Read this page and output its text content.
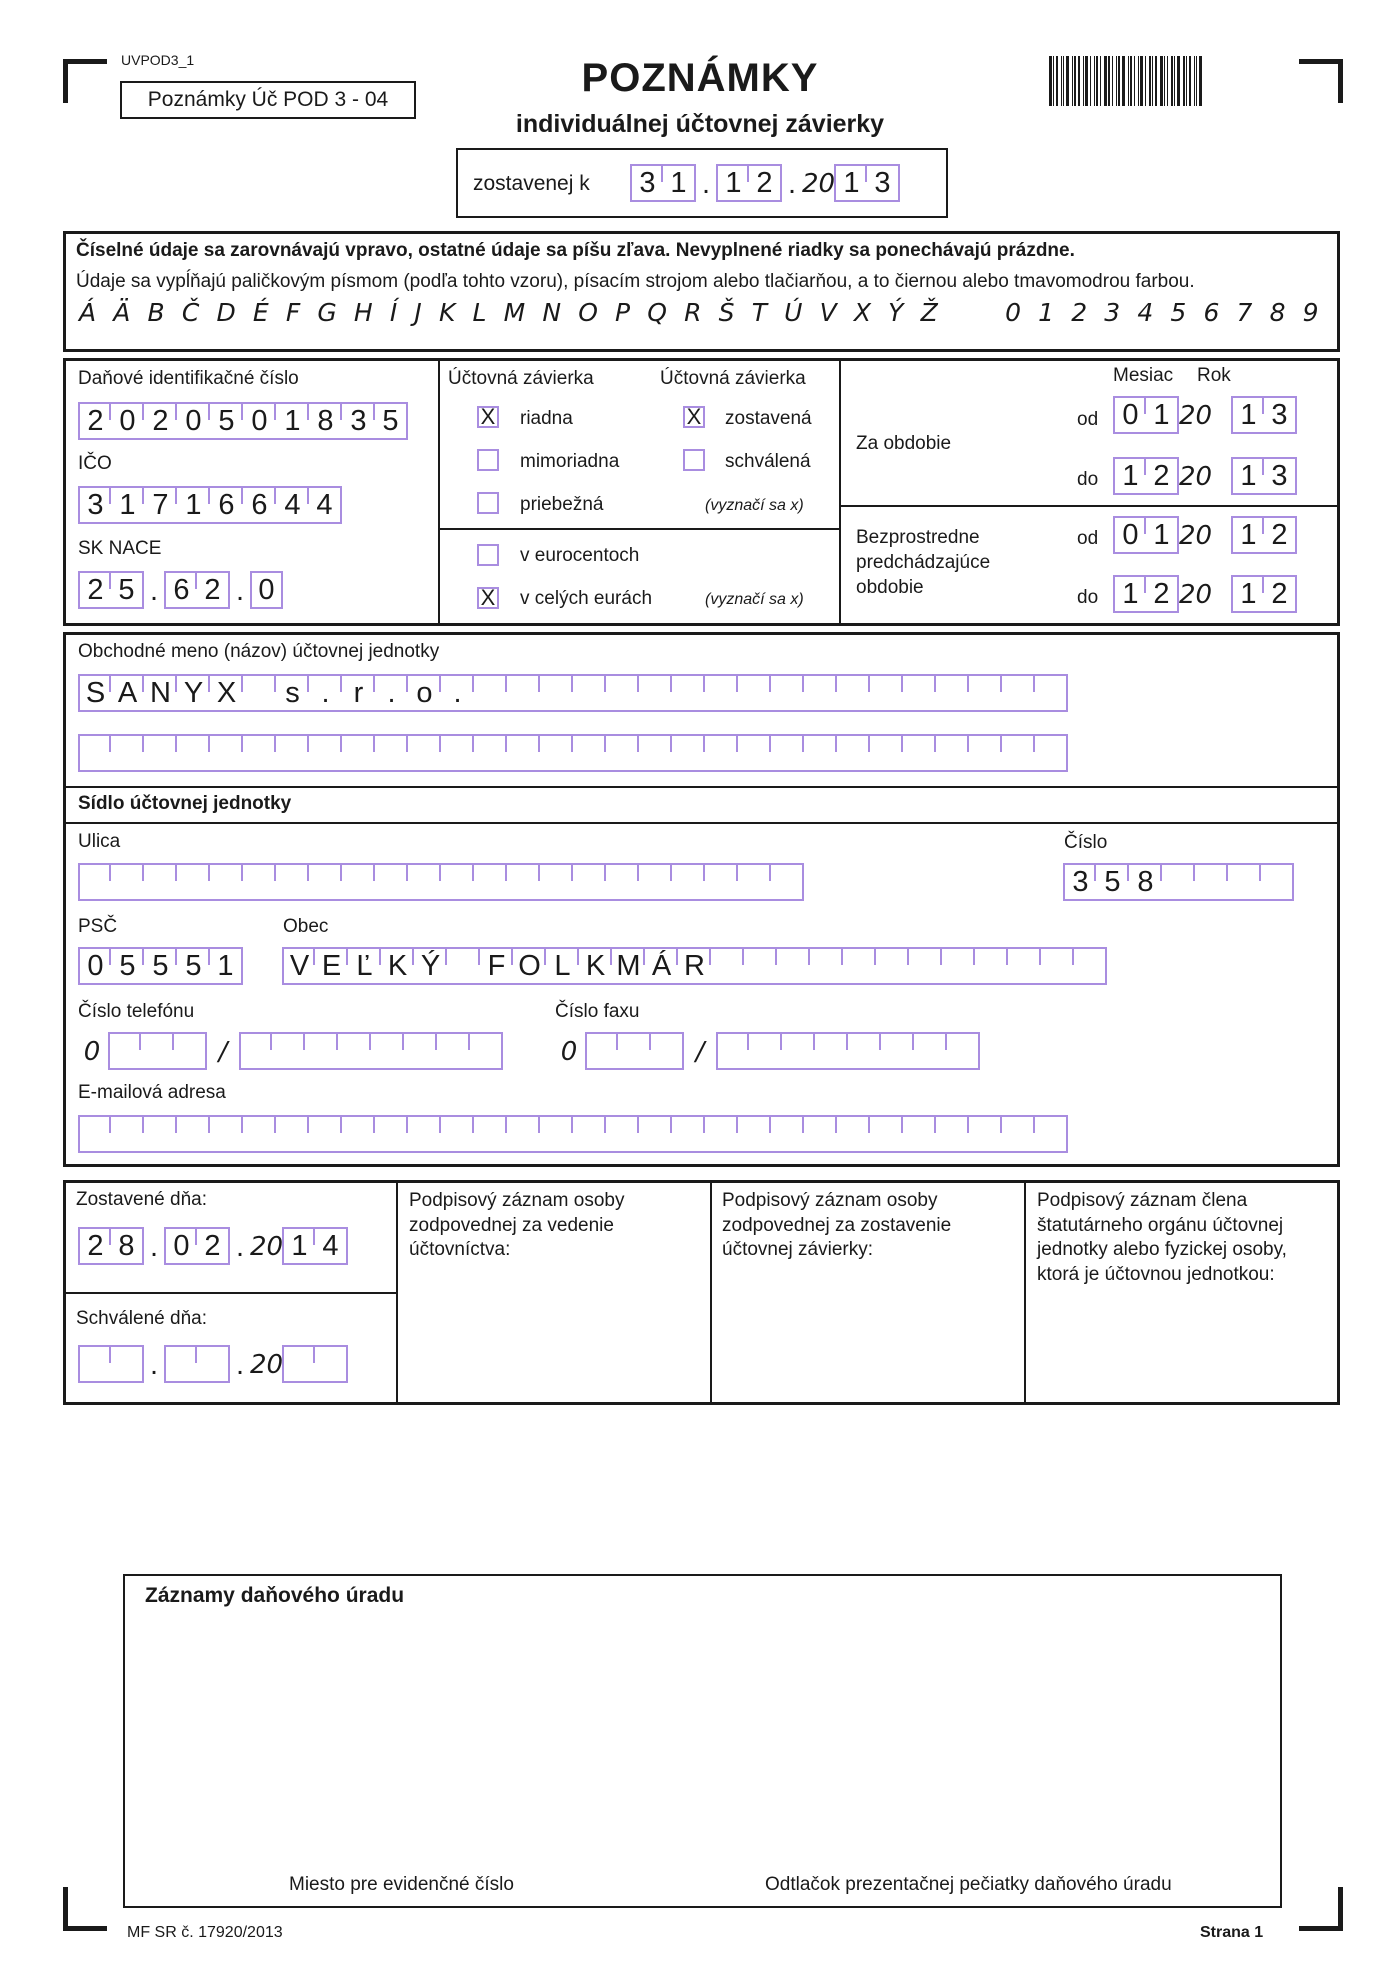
UVPOD3_1
Poznámky Úč POD 3 - 04	POZNÁMKY
individuálnej účtovnej závierky
zostavenej k	3 1 . 1 2 . 20 1 3
Číselné údaje sa zarovnávajú vpravo, ostatné údaje sa píšu zľava. Nevyplnené riadky sa ponechávajú prázdne.
Údaje sa vypĺňajú paličkovým písmom (podľa tohto vzoru), písacím strojom alebo tlačiarňou, a to čiernou alebo tmavomodrou farbou.
Á Ä B Č D É F G H Í J K L M N O P Q R Š T Ú V X Ý Ž

	0 1 2 3 4 5 6 7 8 9
Daňové identifikačné číslo
2 0 2 0 5 0 1 8 3 5
IČO
3 1 7 1 6 6 4 4
SK NACE
2 5 . 6 2 . 0
Účtovná závierka	Účtovná závierka
X riadna
mimoriadna
priebežná
X zostavená
schválená
(vyznačí sa x)
v eurocentoch
X v celých eurách	(vyznačí sa x)
Mesiac Rok
Za obdobie
Bezprostredne
predchádzajúce
obdobie
od 0 1 20 1 3
do 1 2 20 1 3
od 0 1 20 1 2
do 1 2 20 1 2
Obchodné meno (názov) účtovnej jednotky
S A N Y X	s . r . o .
Sídlo účtovnej jednotky
Ulica	Číslo
3 5 8
PSČ
0 5 5 5 1
Obec
V E Ľ K Ý F O L K M Á R
Číslo telefónu
0	/
Číslo faxu
0	/
E-mailová adresa
Zostavené dňa:
2 8 . 0 2 . 20 1 4
Schválené dňa:
.	. 20
Podpisový záznam osoby zodpovednej za vedenie účtovníctva:
Podpisový záznam osoby zodpovednej za zostavenie účtovnej závierky:
Podpisový záznam člena štatutárneho orgánu účtovnej jednotky alebo fyzickej osoby, ktorá je účtovnou jednotkou:
Záznamy daňového úradu
Miesto pre evidenčné číslo	Odtlačok prezentačnej pečiatky daňového úradu
MF SR č. 17920/2013	Strana 1
